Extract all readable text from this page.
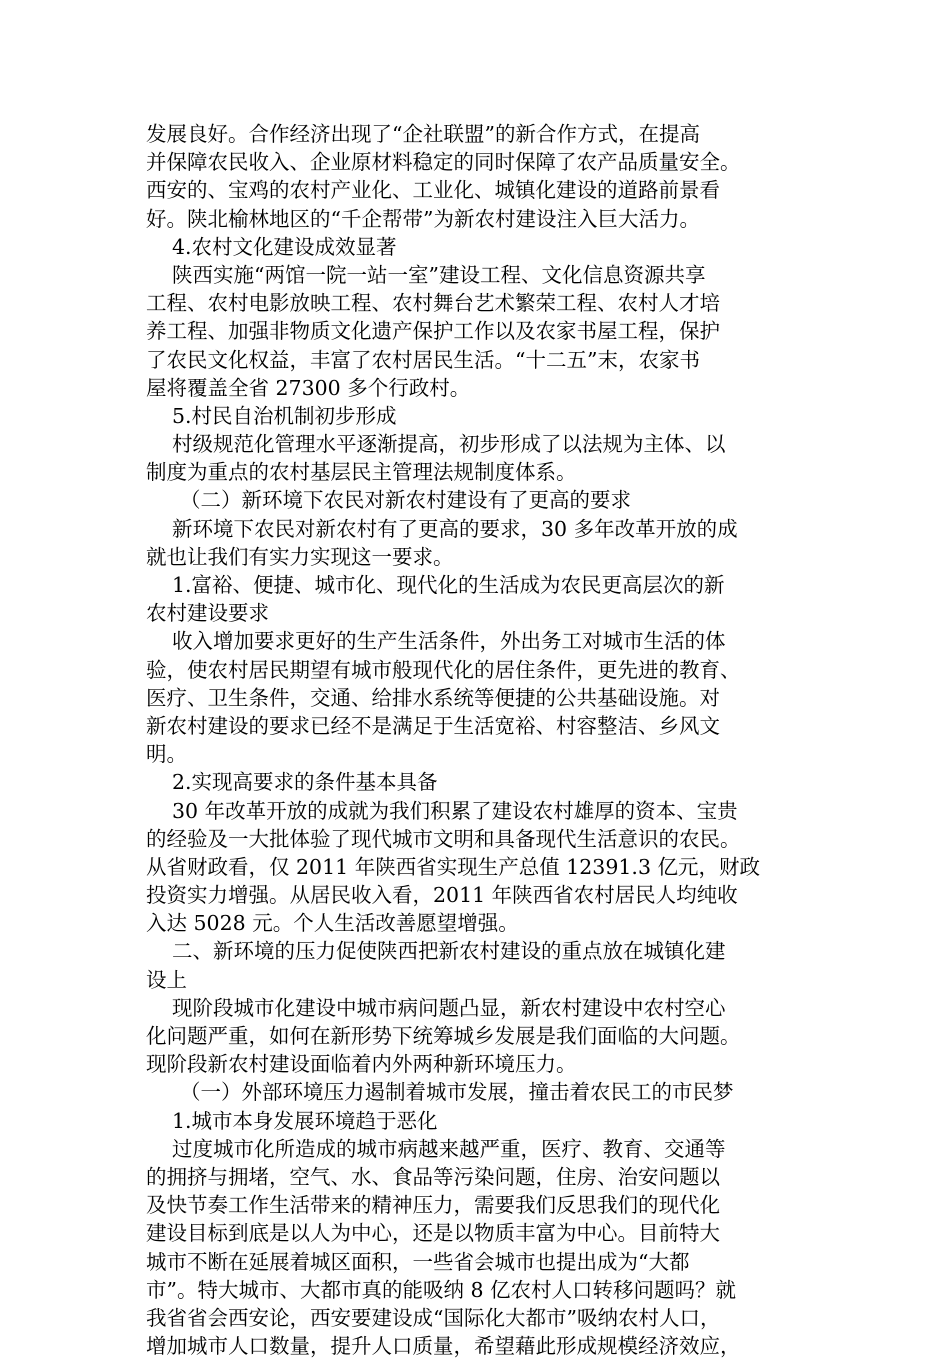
发展良好。合作经济出现了“企社联盟”的新合作方式，在提高
并保障农民收入、企业原材料稳定的同时保障了农产品质量安全。
西安的、宝鸡的农村产业化、工业化、城镇化建设的道路前景看
好。陕北榆林地区的“千企帮带”为新农村建设注入巨大活力。
4.农村文化建设成效显著
陕西实施“两馆一院一站一室”建设工程、文化信息资源共享
工程、农村电影放映工程、农村舞台艺术繁荣工程、农村人才培
养工程、加强非物质文化遗产保护工作以及农家书屋工程，保护
了农民文化权益，丰富了农村居民生活。“十二五”末，农家书
屋将覆盖全省 27300 多个行政村。
5.村民自治机制初步形成
村级规范化管理水平逐渐提高，初步形成了以法规为主体、以
制度为重点的农村基层民主管理法规制度体系。
（二）新环境下农民对新农村建设有了更高的要求
新环境下农民对新农村有了更高的要求，30 多年改革开放的成
就也让我们有实力实现这一要求。
1.富裕、便捷、城市化、现代化的生活成为农民更高层次的新
农村建设要求
收入增加要求更好的生产生活条件，外出务工对城市生活的体
验，使农村居民期望有城市般现代化的居住条件，更先进的教育、
医疗、卫生条件，交通、给排水系统等便捷的公共基础设施。对
新农村建设的要求已经不是满足于生活宽裕、村容整洁、乡风文
明。
2.实现高要求的条件基本具备
30 年改革开放的成就为我们积累了建设农村雄厚的资本、宝贵
的经验及一大批体验了现代城市文明和具备现代生活意识的农民。
从省财政看，仅 2011 年陕西省实现生产总值 12391.3 亿元，财政
投资实力增强。从居民收入看，2011 年陕西省农村居民人均纯收
入达 5028 元。个人生活改善愿望增强。
二、新环境的压力促使陕西把新农村建设的重点放在城镇化建
设上
现阶段城市化建设中城市病问题凸显，新农村建设中农村空心
化问题严重，如何在新形势下统筹城乡发展是我们面临的大问题。
现阶段新农村建设面临着内外两种新环境压力。
（一）外部环境压力遏制着城市发展，撞击着农民工的市民梦
1.城市本身发展环境趋于恶化
过度城市化所造成的城市病越来越严重，医疗、教育、交通等
的拥挤与拥堵，空气、水、食品等污染问题，住房、治安问题以
及快节奏工作生活带来的精神压力，需要我们反思我们的现代化
建设目标到底是以人为中心，还是以物质丰富为中心。目前特大
城市不断在延展着城区面积，一些省会城市也提出成为“大都
市”。特大城市、大都市真的能吸纳 8 亿农村人口转移问题吗？就
我省省会西安论，西安要建设成“国际化大都市”吸纳农村人口，
增加城市人口数量，提升人口质量，希望藉此形成规模经济效应，
